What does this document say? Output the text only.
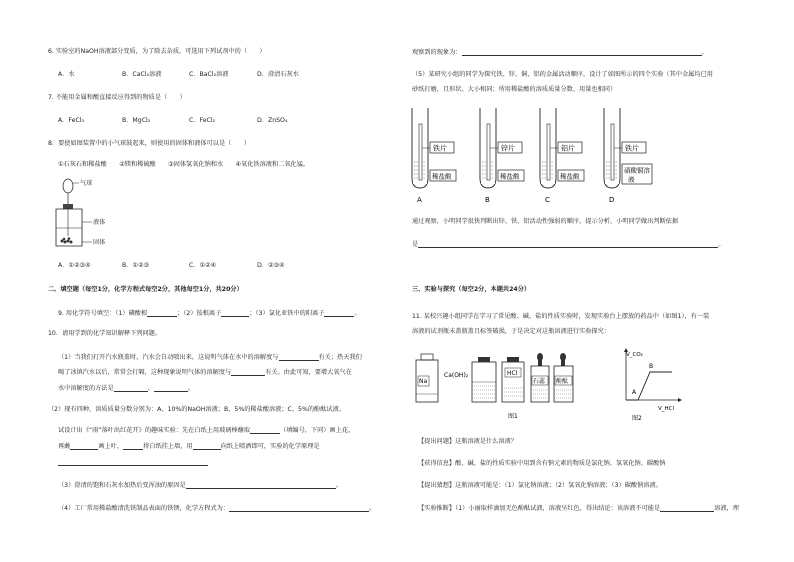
6. 实验室的NaOH溶液部分变质，为了除去杂质，可选用下列试剂中的（　　）
A．水	B．CaCl₂溶液	C．BaCl₂溶液	D．澄清石灰水
7. 不能用金属和酸直接反应得到的物质是（　　）
A．FeCl₃	B．MgCl₂	C．FeCl₂	D．ZnSO₄
8．要使如图装置中的小气球鼓起来，则使用的固体和液体可以是（　　）
①石灰石和稀盐酸　　②镁和稀硫酸　　③固体氢氧化钠和水　　④氧化铁溶液和二氧化锰。
气球
液体
固体
A．①②③④	B．①②③	C．①②④	D．②③④
二、填空题（每空1分，化学方程式每空2分，其他每空1分，共20分）
9. 用化学符号填空：（1）磷酸根	；（2）铵根离子	；（3）氯化亚铁中的阳离子	。
10．请用学到的化学知识解释下列问题。
（1）当我们打开汽水瓶盖时，汽水会自动喷出来，这说明气体在水中的溶解度与	有关；热天我们
喝了冰镇汽水以后，常常会打嗝，这种现象说明气体的溶解度与	有关。由此可知，要增大氧气在
水中溶解度的方法是	、	。
（2）现有四种，溶质质量分数分别为：A、10%的NaOH溶液；B、5%的稀盐酸溶液；C、5%的酚酞试液。
试设计出《“雨”落叶出红花开》的趣味实验：先在白纸上用玻璃棒蘸取	（填编号，下同）画上花，
再蘸	画上叶，	将白纸挂上墙，用	向纸上喷洒即可，实验的化学原理是

（3）澄清的饱和石灰水加热后变浑浊的原因是	。
（4）工厂常用稀盐酸清洗铁制品表面的铁锈，化学方程式为：	。
观察到的现象为：	。
（5）某研究小组的同学为探究铁、锌、铜、铝的金属活动顺序，设计了如图所示的四个实验（其中金属均已用
砂纸打磨，且形状、大小相同；所用稀盐酸的溶质质量分数、用量也相同）
铁片
稀盐酸
A
锌片
稀盐酸
B
铝片
稀盐酸
C
铁片
硝酸铜溶
液
D
通过观察，小明同学很快判断出锌、铁、铝活动性强弱的顺序，提示分析，小明同学做出判断依据
是	。
三、实验与探究（每空2分，本题共24分）
11. 某校兴趣小组同学在学习了常见酸、碱、盐的性质实验时，发现实验台上摆放的药品中（如图1），有一装
溶液的试剂瓶未盖瓶盖且标签破损，于是决定对这瓶溶液进行实验探究：
Na
Ca(OH)₂	HCl
石蕊 酚酞
图1
V_CO₂
V_HCl
A
B
图2
【提出问题】这瓶溶液是什么溶液？
【获得信息】酸、碱、盐的性质实验中用到含有钠元素的物质是氯化钠、氢氧化钠、碳酸钠
【提出猜想】这瓶溶液可能是：（1）氯化钠溶液；（2）氢氧化钠溶液；（3）碳酸钠溶液。
【实验推断】（1）小丽取样滴加无色酚酞试液，溶液呈红色，得出结论：该溶液不可能是	溶液，理
